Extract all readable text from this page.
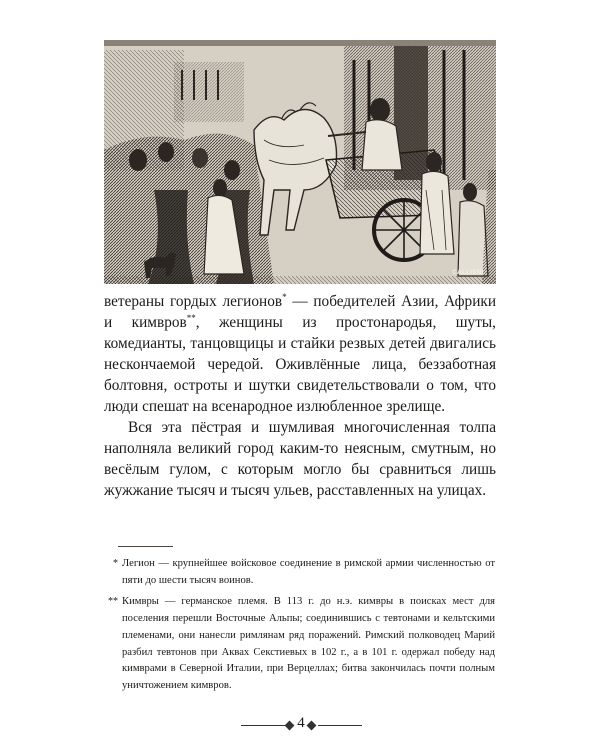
CALLIENI

ветераны гордых легионов* — победителей Азии, Африки и кимвров**, женщины из простонародья, шуты, комедианты, танцовщицы и стайки резвых детей двигались нескончаемой чередой. Оживлённые лица, беззаботная болтовня, остроты и шутки свидетельствовали о том, что люди спешат на всенародное излюбленное зрелище.

Вся эта пёстрая и шумливая многочисленная толпа наполняла великий город каким-то неясным, смутным, но весёлым гулом, с которым могло бы сравниться лишь жужжание тысяч и тысяч ульев, расставленных на улицах.

* Легион — крупнейшее войсковое соединение в римской армии численностью от пяти до шести тысяч воинов.
** Кимвры — германское племя. В 113 г. до н.э. кимвры в поисках мест для поселения перешли Восточные Альпы; соединившись с тевтонами и кельтскими племенами, они нанесли римлянам ряд поражений. Римский полководец Марий разбил тевтонов при Аквах Секстиевых в 102 г., а в 101 г. одержал победу над кимврами в Северной Италии, при Верцеллах; битва закончилась почти полным уничтожением кимвров.
4
